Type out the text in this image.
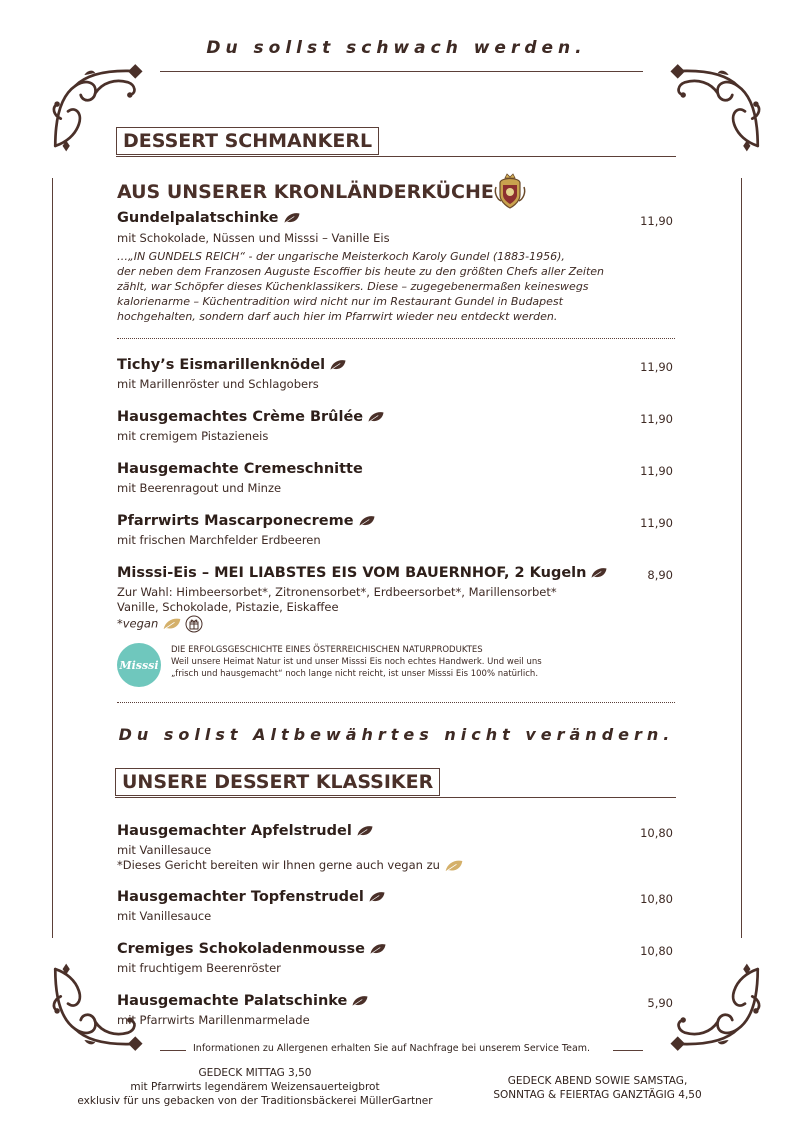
Du sollst schwach werden.
DESSERT SCHMANKERL
AUS UNSERER KRONLÄNDERKÜCHE
Gundelpalatschinke
mit Schokolade, Nüssen und Misssi – Vanille Eis
…„IN GUNDELS REICH“ - der ungarische Meisterkoch Karoly Gundel (1883-1956),
der neben dem Franzosen Auguste Escoffier bis heute zu den größten Chefs aller Zeiten
zählt, war Schöpfer dieses Küchenklassikers. Diese – zugegebenermaßen keineswegs
kalorienarme – Küchentradition wird nicht nur im Restaurant Gundel in Budapest
hochgehalten, sondern darf auch hier im Pfarrwirt wieder neu entdeckt werden.
11,90
Tichy’s Eismarillenknödel
mit Marillenröster und Schlagobers
11,90
Hausgemachtes Crème Brûlée
mit cremigem Pistazieneis
11,90
Hausgemachte Cremeschnitte
mit Beerenragout und Minze
11,90
Pfarrwirts Mascarponecreme
mit frischen Marchfelder Erdbeeren
11,90
Misssi-Eis – MEI LIABSTES EIS VOM BAUERNHOF, 2 Kugeln
Zur Wahl: Himbeersorbet*, Zitronensorbet*, Erdbeersorbet*, Marillensorbet*
Vanille, Schokolade, Pistazie, Eiskaffee
*vegan
8,90
Misssi
DIE ERFOLGSGESCHICHTE EINES ÖSTERREICHISCHEN NATURPRODUKTES
Weil unsere Heimat Natur ist und unser Misssi Eis noch echtes Handwerk. Und weil uns
„frisch und hausgemacht“ noch lange nicht reicht, ist unser Misssi Eis 100% natürlich.
Du sollst Altbewährtes nicht verändern.
UNSERE DESSERT KLASSIKER
Hausgemachter Apfelstrudel
mit Vanillesauce
*Dieses Gericht bereiten wir Ihnen gerne auch vegan zu
10,80
Hausgemachter Topfenstrudel
mit Vanillesauce
10,80
Cremiges Schokoladenmousse
mit fruchtigem Beerenröster
10,80
Hausgemachte Palatschinke
mit Pfarrwirts Marillenmarmelade
5,90
Informationen zu Allergenen erhalten Sie auf Nachfrage bei unserem Service Team.
GEDECK MITTAG 3,50
mit Pfarrwirts legendärem Weizensauerteigbrot
exklusiv für uns gebacken von der Traditionsbäckerei MüllerGartner
GEDECK ABEND SOWIE SAMSTAG,
SONNTAG & FEIERTAG GANZTÄGIG 4,50
